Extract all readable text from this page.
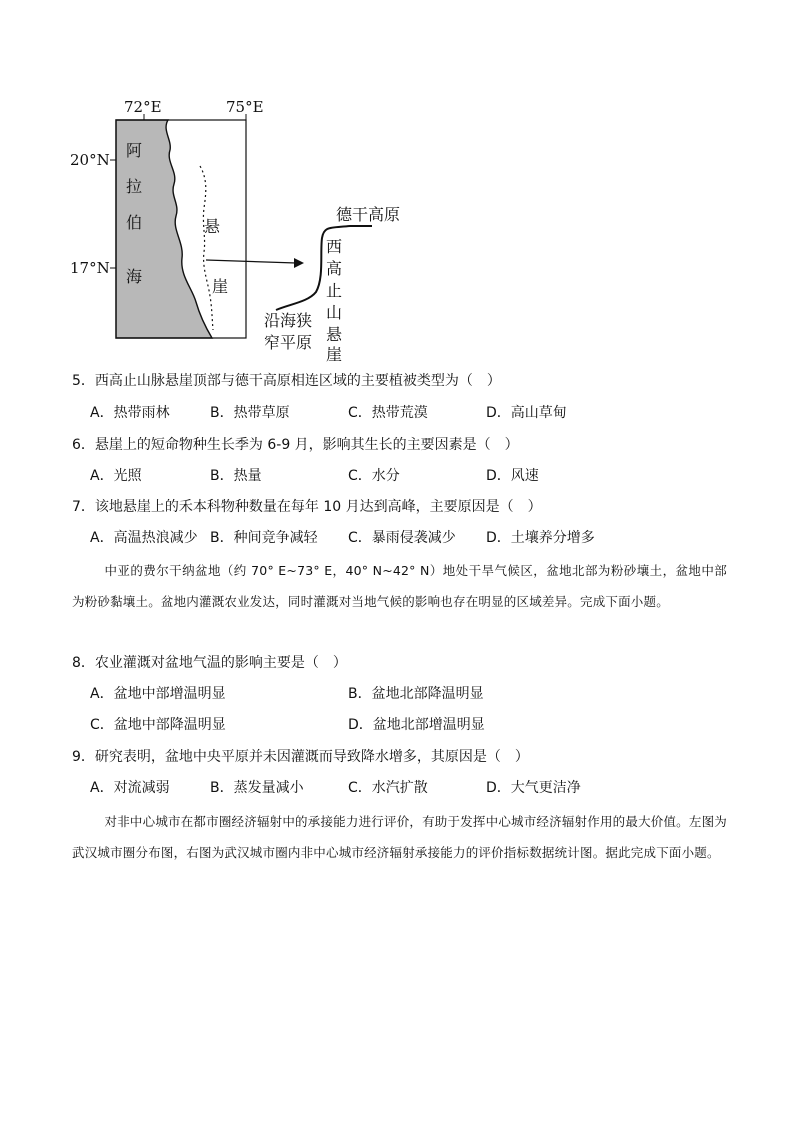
72°E	75°E
20°N
17°N
阿
拉
伯
海
悬
崖
德干高原
西
高
止
山
悬
崖
沿海狭
窄平原
5．西高止山脉悬崖顶部与德干高原相连区域的主要植被类型为（　）
A．热带雨林	B．热带草原	C．热带荒漠	D．高山草甸
6．悬崖上的短命物种生长季为 6-9 月，影响其生长的主要因素是（　）
A．光照	B．热量	C．水分	D．风速
7．该地悬崖上的禾本科物种数量在每年 10 月达到高峰，主要原因是（　）
A．高温热浪减少 B．种间竞争减轻 C．暴雨侵袭减少 D．土壤养分增多
中亚的费尔干纳盆地（约 70° E~73° E，40° N~42° N）地处干旱气候区，盆地北部为粉砂壤土，盆地中部为粉砂黏壤土。盆地内灌溉农业发达，同时灌溉对当地气候的影响也存在明显的区域差异。完成下面小题。
8．农业灌溉对盆地气温的影响主要是（　）
A．盆地中部增温明显	B．盆地北部降温明显
C．盆地中部降温明显	D．盆地北部增温明显
9．研究表明，盆地中央平原并未因灌溉而导致降水增多，其原因是（　）
A．对流减弱	B．蒸发量减小	C．水汽扩散	D．大气更洁净
对非中心城市在都市圈经济辐射中的承接能力进行评价，有助于发挥中心城市经济辐射作用的最大价值。左图为武汉城市圈分布图，右图为武汉城市圈内非中心城市经济辐射承接能力的评价指标数据统计图。据此完成下面小题。
